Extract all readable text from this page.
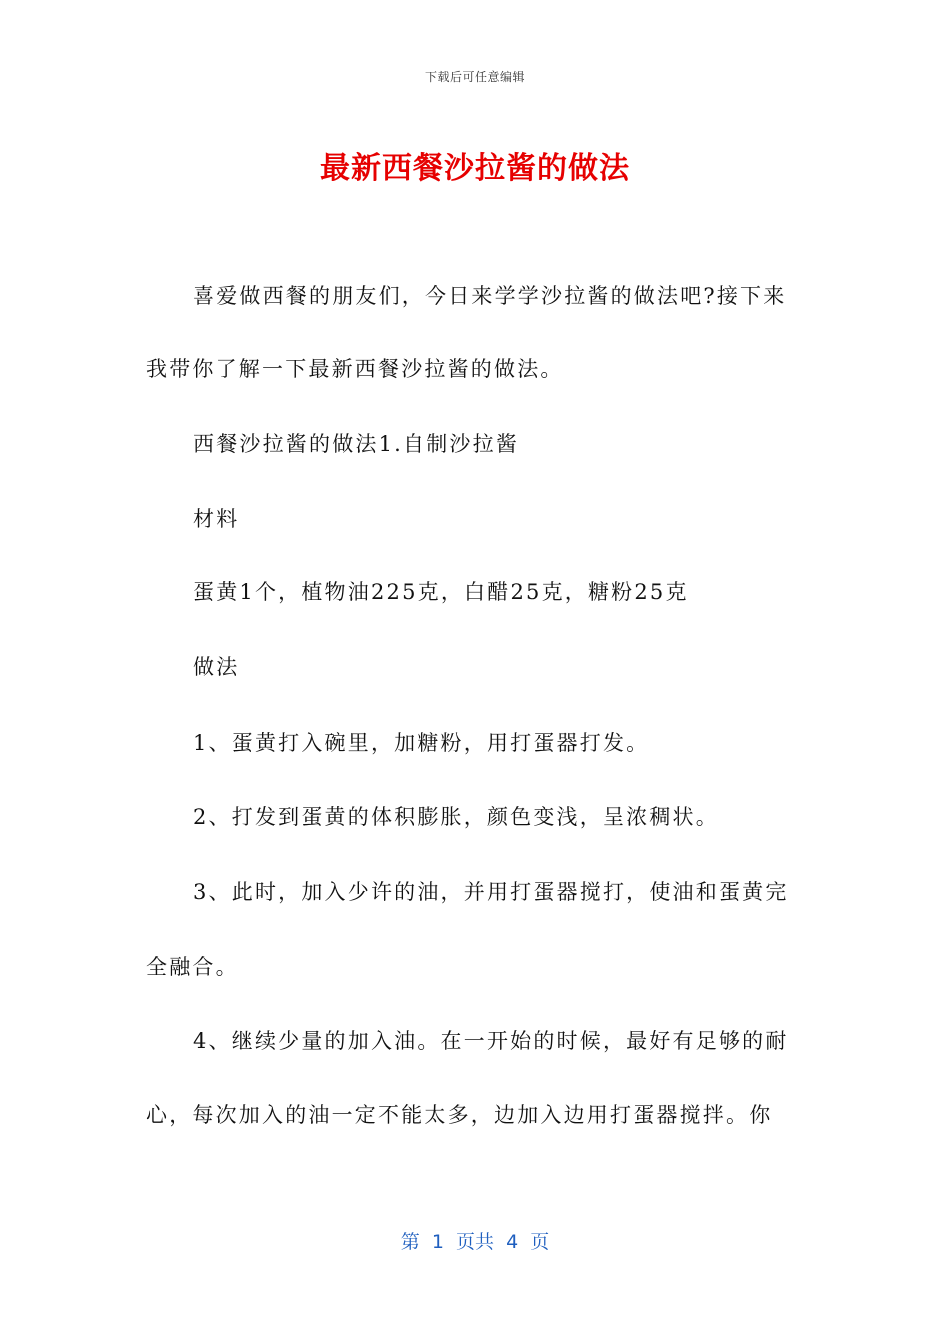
下载后可任意编辑
最新西餐沙拉酱的做法
喜爱做西餐的朋友们，今日来学学沙拉酱的做法吧?接下来
我带你了解一下最新西餐沙拉酱的做法。
西餐沙拉酱的做法1.自制沙拉酱
材料
蛋黄1个，植物油225克，白醋25克，糖粉25克
做法
1、蛋黄打入碗里，加糖粉，用打蛋器打发。
2、打发到蛋黄的体积膨胀，颜色变浅，呈浓稠状。
3、此时，加入少许的油，并用打蛋器搅打，使油和蛋黄完
全融合。
4、继续少量的加入油。在一开始的时候，最好有足够的耐
心，每次加入的油一定不能太多，边加入边用打蛋器搅拌。你
第  1  页共  4  页
